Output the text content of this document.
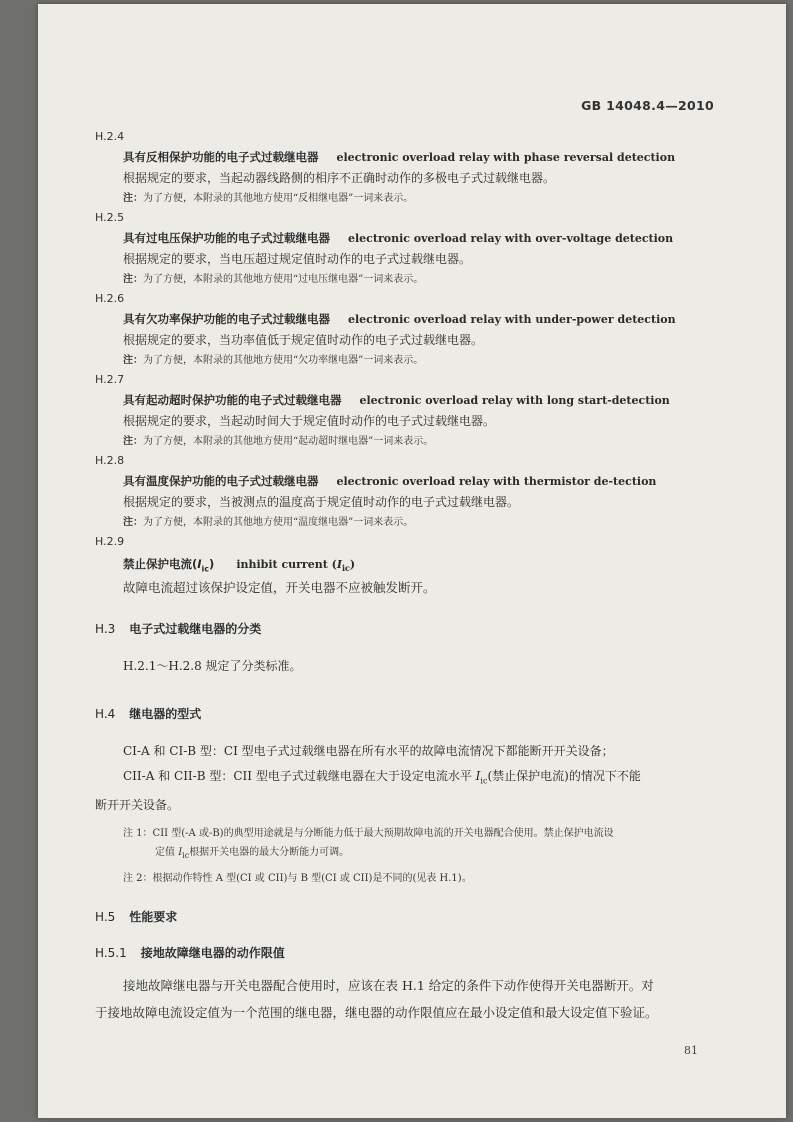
GB 14048.4—2010
H.2.4
具有反相保护功能的电子式过载继电器 electronic overload relay with phase reversal detection
根据规定的要求，当起动器线路侧的相序不正确时动作的多极电子式过载继电器。
注：为了方便，本附录的其他地方使用“反相继电器”一词来表示。
H.2.5
具有过电压保护功能的电子式过载继电器 electronic overload relay with over-voltage detection
根据规定的要求，当电压超过规定值时动作的电子式过载继电器。
注：为了方便，本附录的其他地方使用“过电压继电器”一词来表示。
H.2.6
具有欠功率保护功能的电子式过载继电器 electronic overload relay with under-power detection
根据规定的要求，当功率值低于规定值时动作的电子式过载继电器。
注：为了方便，本附录的其他地方使用“欠功率继电器”一词来表示。
H.2.7
具有起动超时保护功能的电子式过载继电器 electronic overload relay with long start-detection
根据规定的要求，当起动时间大于规定值时动作的电子式过载继电器。
注：为了方便，本附录的其他地方使用“起动超时继电器”一词来表示。
H.2.8
具有温度保护功能的电子式过载继电器 electronic overload relay with thermistor de-tection
根据规定的要求，当被测点的温度高于规定值时动作的电子式过载继电器。
注：为了方便，本附录的其他地方使用“温度继电器”一词来表示。
H.2.9
禁止保护电流$(I_{ic})$ inhibit current $(I_{ic})$
故障电流超过该保护设定值，开关电器不应被触发断开。
H.3 电子式过载继电器的分类
H.2.1～H.2.8 规定了分类标准。
H.4 继电器的型式
CI-A 和 CI-B 型：CI 型电子式过载继电器在所有水平的故障电流情况下都能断开开关设备；
CII-A 和 CII-B 型：CII 型电子式过载继电器在大于设定电流水平 $I_{ic}$(禁止保护电流)的情况下不能
断开开关设备。
注 1：CII 型(-A 或-B)的典型用途就是与分断能力低于最大预期故障电流的开关电器配合使用。禁止保护电流设
定值 $I_{ic}$根据开关电器的最大分断能力可调。
注 2：根据动作特性 A 型(CI 或 CII)与 B 型(CI 或 CII)是不同的(见表 H.1)。
H.5 性能要求
H.5.1 接地故障继电器的动作限值
接地故障继电器与开关电器配合使用时，应该在表 H.1 给定的条件下动作使得开关电器断开。对
于接地故障电流设定值为一个范围的继电器，继电器的动作限值应在最小设定值和最大设定值下验证。
81
